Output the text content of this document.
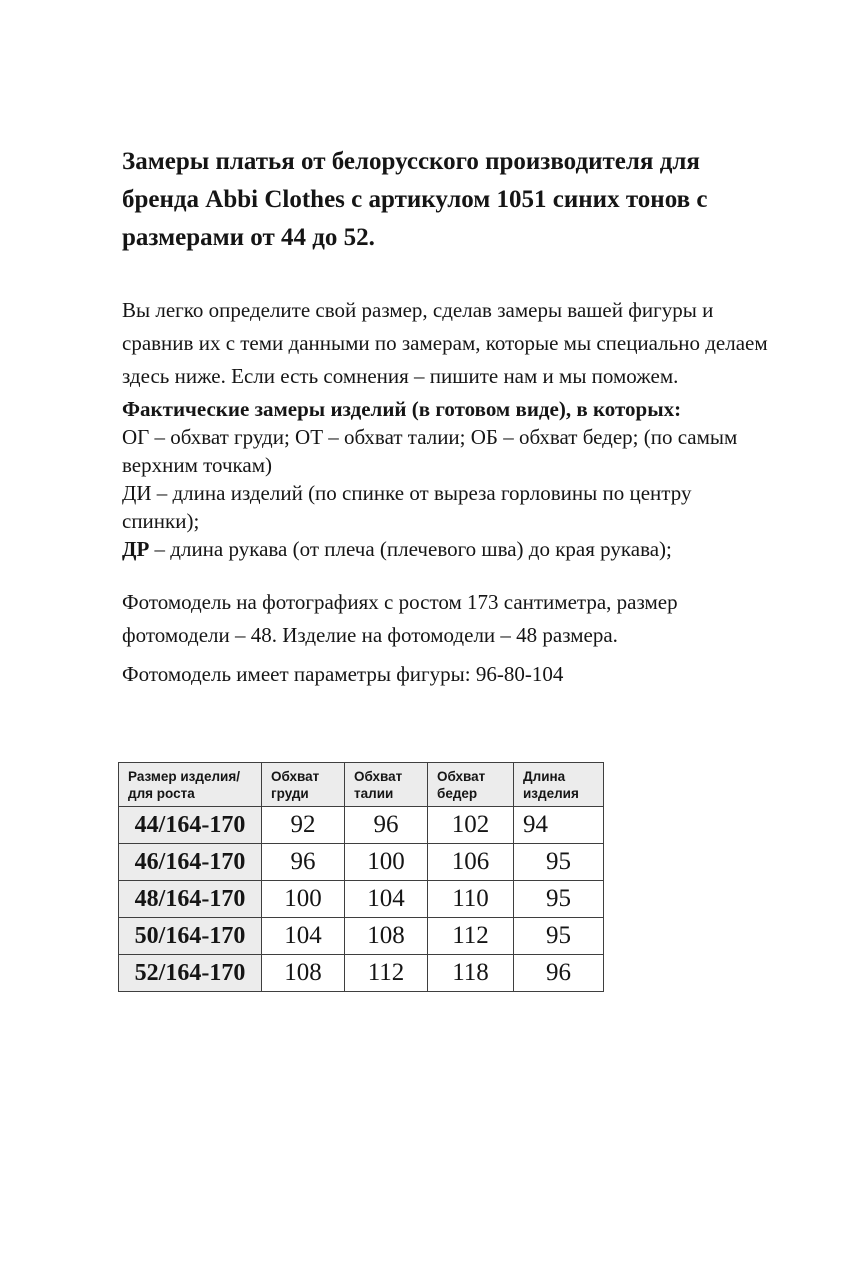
Замеры платья от белорусского производителя для бренда Abbi Clothes с артикулом 1051 синих тонов с размерами от 44 до 52.

Вы легко определите свой размер, сделав замеры вашей фигуры и сравнив их с теми данными по замерам, которые мы специально делаем здесь ниже. Если есть сомнения – пишите нам и мы поможем.

Фактические замеры изделий (в готовом виде), в которых:
ОГ – обхват груди; ОТ – обхват талии; ОБ – обхват бедер; (по самым верхним точкам)
ДИ – длина изделий (по спинке от выреза горловины по центру спинки);
ДР – длина рукава (от плеча (плечевого шва) до края рукава);

Фотомодель на фотографиях с ростом 173 сантиметра, размер фотомодели – 48. Изделие на фотомодели – 48 размера.

Фотомодель имеет параметры фигуры: 96-80-104

Размер изделия/для роста	Обхват груди	Обхват талии	Обхват бедер	Длина изделия
44/164-170	92	96	102	94
46/164-170	96	100	106	95
48/164-170	100	104	110	95
50/164-170	104	108	112	95
52/164-170	108	112	118	96
